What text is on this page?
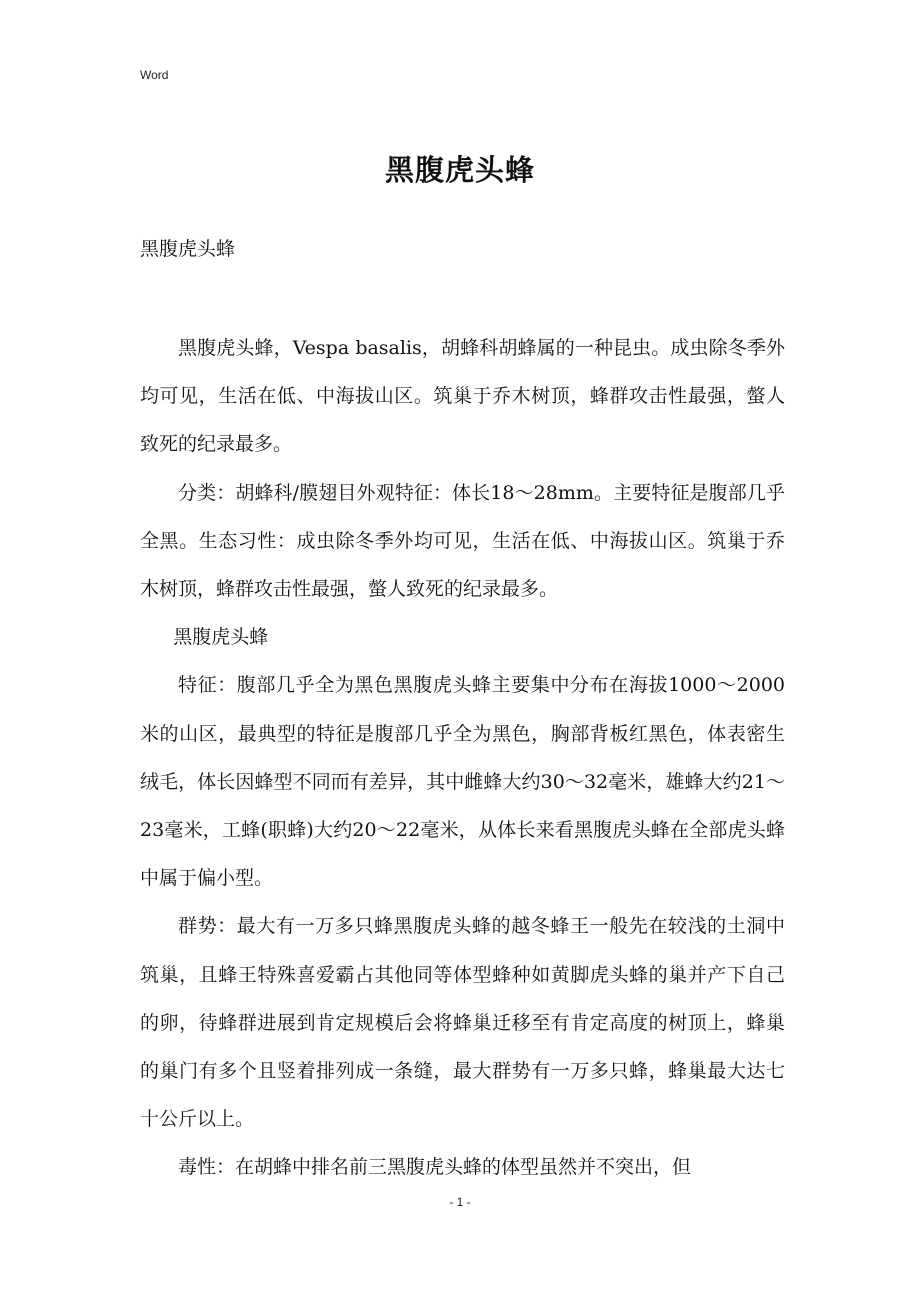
Word
黑腹虎头蜂

黑腹虎头蜂

黑腹虎头蜂，Vespa basalis，胡蜂科胡蜂属的一种昆虫。成虫除冬季外均可见，生活在低、中海拔山区。筑巢于乔木树顶，蜂群攻击性最强，螫人致死的纪录最多。

分类：胡蜂科/膜翅目外观特征：体长18～28mm。主要特征是腹部几乎全黑。生态习性：成虫除冬季外均可见，生活在低、中海拔山区。筑巢于乔木树顶，蜂群攻击性最强，螫人致死的纪录最多。

黑腹虎头蜂

特征：腹部几乎全为黑色黑腹虎头蜂主要集中分布在海拔1000～2000米的山区，最典型的特征是腹部几乎全为黑色，胸部背板红黑色，体表密生绒毛，体长因蜂型不同而有差异，其中雌蜂大约30～32毫米，雄蜂大约21～23毫米，工蜂(职蜂)大约20～22毫米，从体长来看黑腹虎头蜂在全部虎头蜂中属于偏小型。

群势：最大有一万多只蜂黑腹虎头蜂的越冬蜂王一般先在较浅的土洞中筑巢，且蜂王特殊喜爱霸占其他同等体型蜂种如黄脚虎头蜂的巢并产下自己的卵，待蜂群进展到肯定规模后会将蜂巢迁移至有肯定高度的树顶上，蜂巢的巢门有多个且竖着排列成一条缝，最大群势有一万多只蜂，蜂巢最大达七十公斤以上。

毒性：在胡蜂中排名前三黑腹虎头蜂的体型虽然并不突出，但

- 1 -
